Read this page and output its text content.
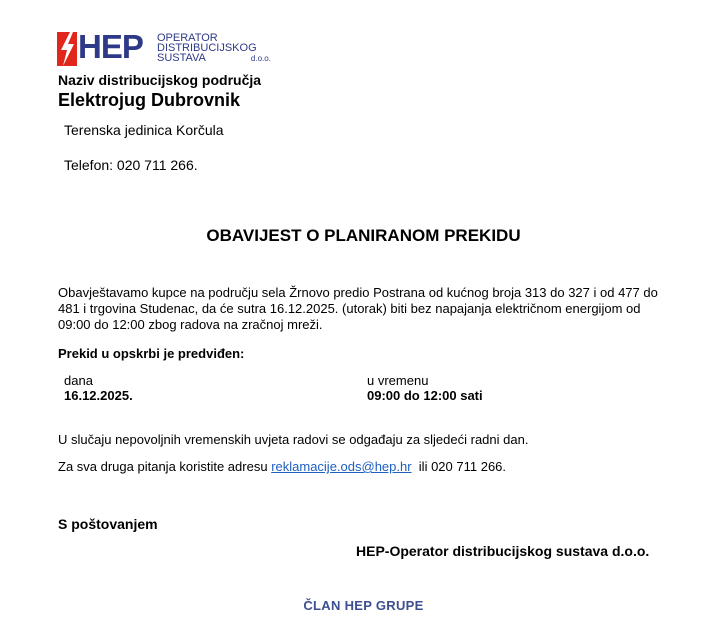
HEP OPERATOR
DISTRIBUCIJSKOG
SUSTAVA	d.o.o.
Naziv distribucijskog područja
Elektrojug Dubrovnik
Terenska jedinica Korčula
Telefon: 020 711 266.
OBAVIJEST O PLANIRANOM PREKIDU
Obavještavamo kupce na području sela Žrnovo predio Postrana od kućnog broja 313 do 327 i od 477 do 481 i trgovina Studenac, da će sutra 16.12.2025. (utorak) biti bez napajanja električnom energijom od 09:00 do 12:00 zbog radova na zračnoj mreži.
Prekid u opskrbi je predviđen:
dana
16.12.2025.
u vremenu
09:00 do 12:00 sati
U slučaju nepovoljnih vremenskih uvjeta radovi se odgađaju za sljedeći radni dan.
Za sva druga pitanja koristite adresu reklamacije.ods@hep.hr ili 020 711 266.
S poštovanjem
HEP-Operator distribucijskog sustava d.o.o.
ČLAN HEP GRUPE
